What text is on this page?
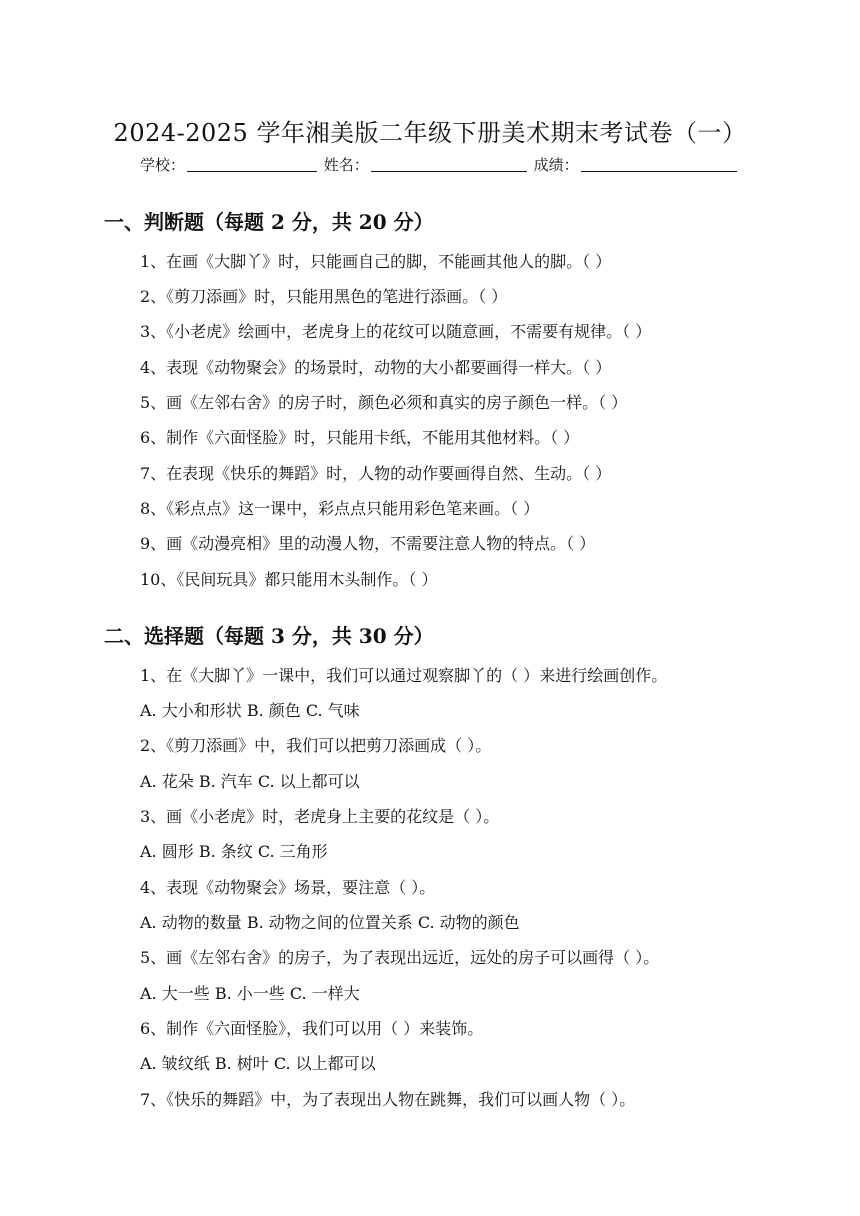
2024-2025 学年湘美版二年级下册美术期末考试卷（一）
学校：	姓名：	成绩：
一、判断题（每题 2 分，共 20 分）
1、在画《大脚丫》时，只能画自己的脚，不能画其他人的脚。（ ）
2、《剪刀添画》时，只能用黑色的笔进行添画。（ ）
3、《小老虎》绘画中，老虎身上的花纹可以随意画，不需要有规律。（ ）
4、表现《动物聚会》的场景时，动物的大小都要画得一样大。（ ）
5、画《左邻右舍》的房子时，颜色必须和真实的房子颜色一样。（ ）
6、制作《六面怪脸》时，只能用卡纸，不能用其他材料。（ ）
7、在表现《快乐的舞蹈》时，人物的动作要画得自然、生动。（ ）
8、《彩点点》这一课中，彩点点只能用彩色笔来画。（ ）
9、画《动漫亮相》里的动漫人物，不需要注意人物的特点。（ ）
10、《民间玩具》都只能用木头制作。（ ）
二、选择题（每题 3 分，共 30 分）
1、在《大脚丫》一课中，我们可以通过观察脚丫的（ ）来进行绘画创作。
A. 大小和形状 B. 颜色 C. 气味
2、《剪刀添画》中，我们可以把剪刀添画成（ ）。
A. 花朵 B. 汽车 C. 以上都可以
3、画《小老虎》时，老虎身上主要的花纹是（ ）。
A. 圆形 B. 条纹 C. 三角形
4、表现《动物聚会》场景，要注意（ ）。
A. 动物的数量 B. 动物之间的位置关系 C. 动物的颜色
5、画《左邻右舍》的房子，为了表现出远近，远处的房子可以画得（ ）。
A. 大一些 B. 小一些 C. 一样大
6、制作《六面怪脸》，我们可以用（ ）来装饰。
A. 皱纹纸 B. 树叶 C. 以上都可以
7、《快乐的舞蹈》中，为了表现出人物在跳舞，我们可以画人物（ ）。
